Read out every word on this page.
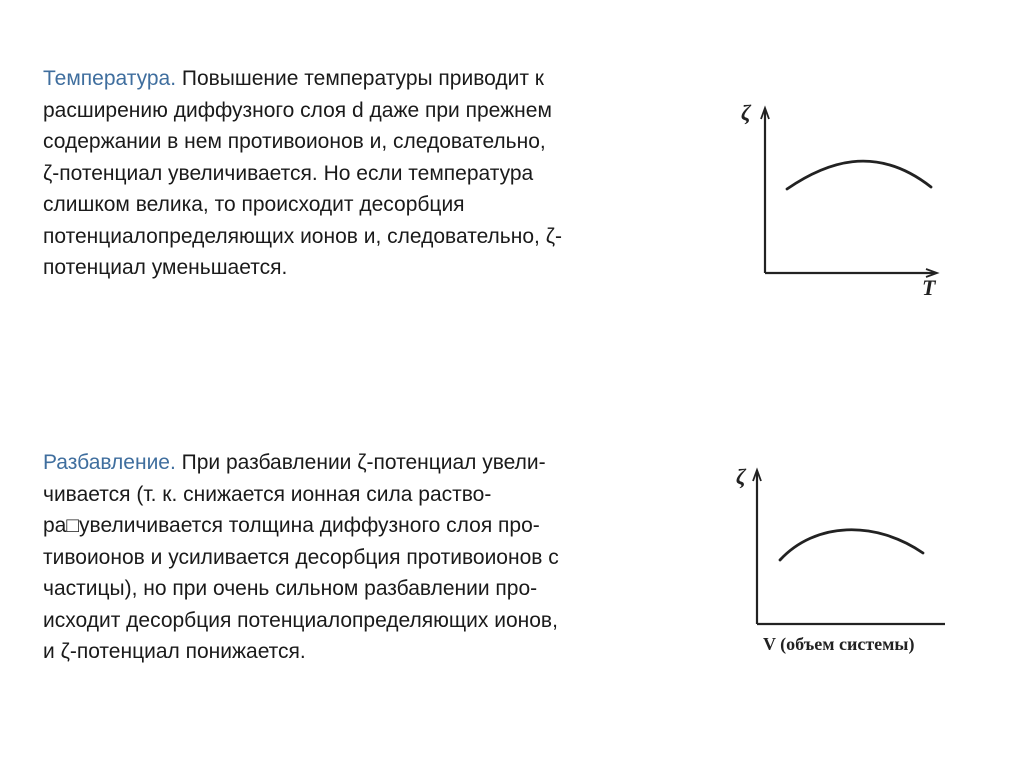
Температура. Повышение температуры приводит к
расширению диффузного слоя d даже при прежнем
содержании в нем противоионов и, следовательно,
ζ-потенциал увеличивается. Но если температура
слишком велика, то происходит десорбция
потенциалопределяющих ионов и, следовательно, ζ-
потенциал уменьшается.
ζ
T
Разбавление. При разбавлении ζ-потенциал увели-
чивается (т. к. снижается ионная сила раство-
ра□увеличивается толщина диффузного слоя про-
тивоионов и усиливается десорбция противоионов с
частицы), но при очень сильном разбавлении про-
исходит десорбция потенциалопределяющих ионов,
и ζ-потенциал понижается.
ζ
V (объем системы)
